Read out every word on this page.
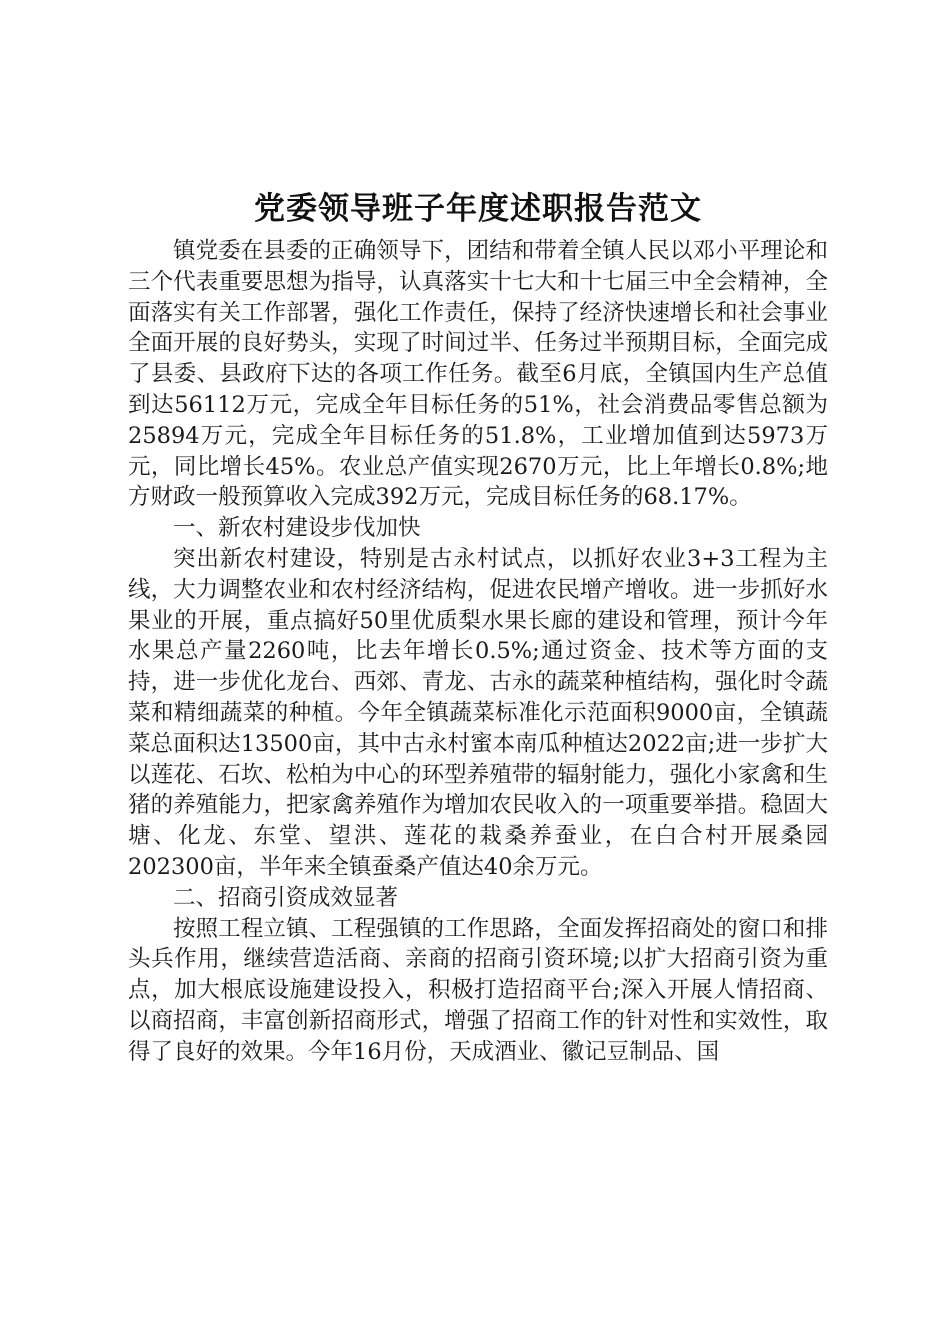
党委领导班子年度述职报告范文

镇党委在县委的正确领导下，团结和带着全镇人民以邓小平理论和三个代表重要思想为指导，认真落实十七大和十七届三中全会精神，全面落实有关工作部署，强化工作责任，保持了经济快速增长和社会事业全面开展的良好势头，实现了时间过半、任务过半预期目标，全面完成了县委、县政府下达的各项工作任务。截至6月底，全镇国内生产总值到达56112万元，完成全年目标任务的51%，社会消费品零售总额为25894万元，完成全年目标任务的51.8%，工业增加值到达5973万元，同比增长45%。农业总产值实现2670万元，比上年增长0.8%;地方财政一般预算收入完成392万元，完成目标任务的68.17%。

一、新农村建设步伐加快

突出新农村建设，特别是古永村试点，以抓好农业3+3工程为主线，大力调整农业和农村经济结构，促进农民增产增收。进一步抓好水果业的开展，重点搞好50里优质梨水果长廊的建设和管理，预计今年水果总产量2260吨，比去年增长0.5%;通过资金、技术等方面的支持，进一步优化龙台、西郊、青龙、古永的蔬菜种植结构，强化时令蔬菜和精细蔬菜的种植。今年全镇蔬菜标准化示范面积9000亩，全镇蔬菜总面积达13500亩，其中古永村蜜本南瓜种植达2022亩;进一步扩大以莲花、石坎、松柏为中心的环型养殖带的辐射能力，强化小家禽和生猪的养殖能力，把家禽养殖作为增加农民收入的一项重要举措。稳固大塘、化龙、东堂、望洪、莲花的栽桑养蚕业，在白合村开展桑园202300亩，半年来全镇蚕桑产值达40余万元。

二、招商引资成效显著

按照工程立镇、工程强镇的工作思路，全面发挥招商处的窗口和排头兵作用，继续营造活商、亲商的招商引资环境;以扩大招商引资为重点，加大根底设施建设投入，积极打造招商平台;深入开展人情招商、以商招商，丰富创新招商形式，增强了招商工作的针对性和实效性，取得了良好的效果。今年16月份，天成酒业、徽记豆制品、国
